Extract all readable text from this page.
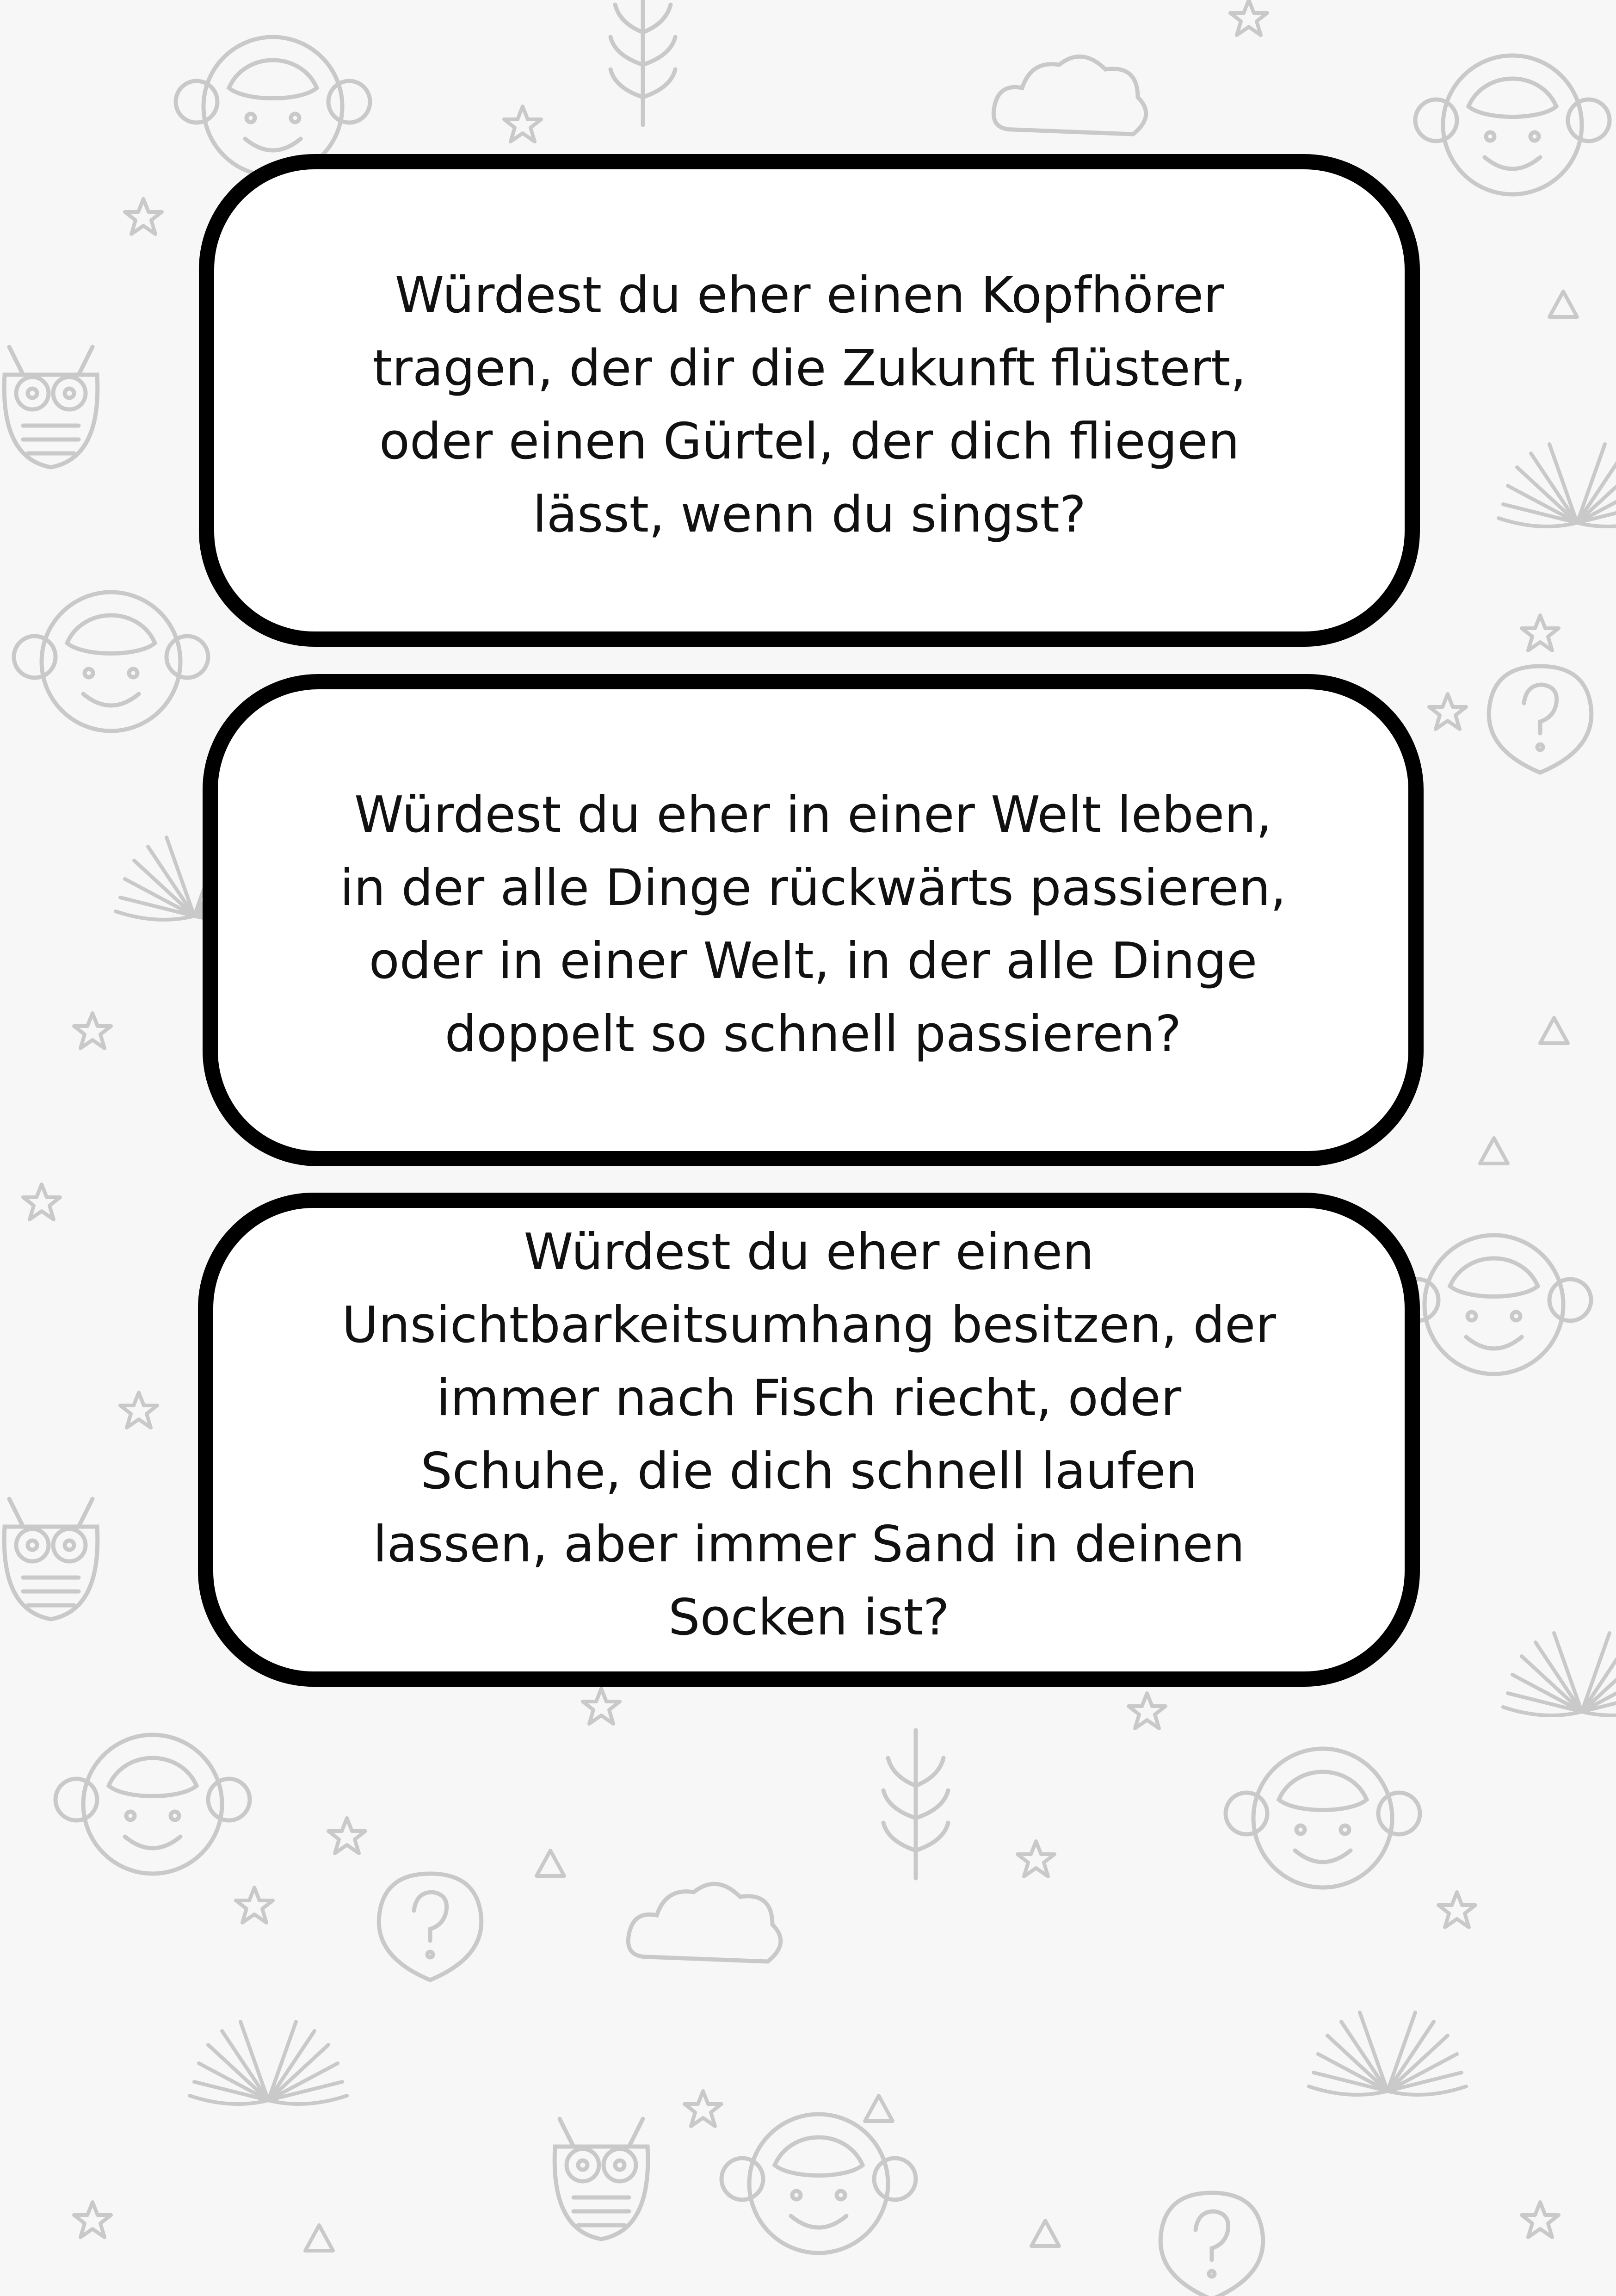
Würdest du eher einen Kopfhörer
tragen, der dir die Zukunft flüstert,
oder einen Gürtel, der dich fliegen
lässt, wenn du singst?
Würdest du eher in einer Welt leben,
in der alle Dinge rückwärts passieren,
oder in einer Welt, in der alle Dinge
doppelt so schnell passieren?
Würdest du eher einen
Unsichtbarkeitsumhang besitzen, der
immer nach Fisch riecht, oder
Schuhe, die dich schnell laufen
lassen, aber immer Sand in deinen
Socken ist?
